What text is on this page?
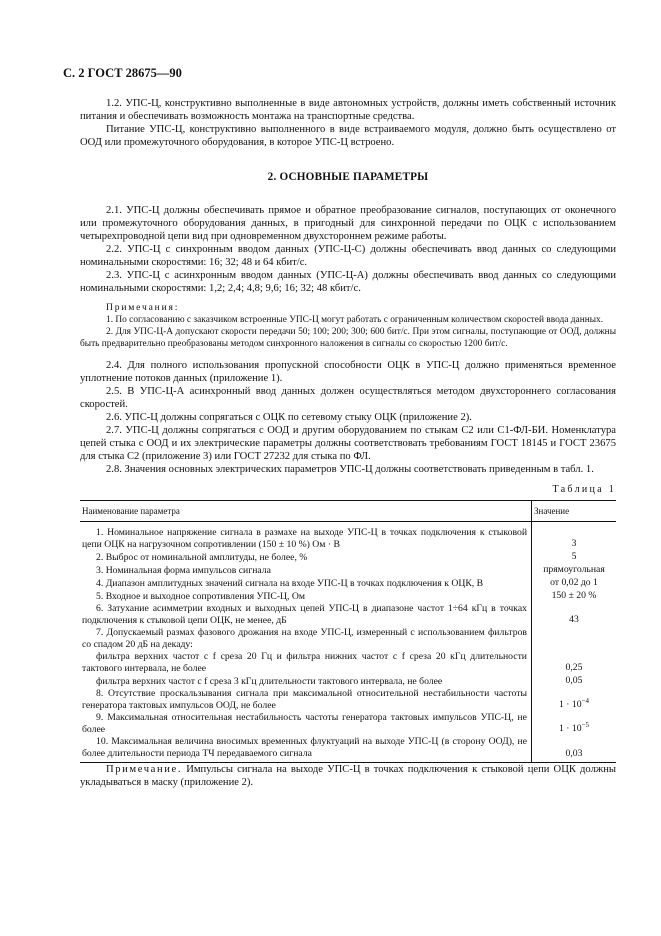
С. 2 ГОСТ 28675—90

1.2. УПС-Ц, конструктивно выполненные в виде автономных устройств, должны иметь собственный источник питания и обеспечивать возможность монтажа на транспортные средства.

Питание УПС-Ц, конструктивно выполненного в виде встраиваемого модуля, должно быть осуществлено от ООД или промежуточного оборудования, в которое УПС-Ц встроено.

2. ОСНОВНЫЕ ПАРАМЕТРЫ

2.1. УПС-Ц должны обеспечивать прямое и обратное преобразование сигналов, поступающих от оконечного или промежуточного оборудования данных, в пригодный для синхронной передачи по ОЦК с использованием четырехпроводной цепи вид при одновременном двухстороннем режиме работы.

2.2. УПС-Ц с синхронным вводом данных (УПС-Ц-С) должны обеспечивать ввод данных со следующими номинальными скоростями: 16; 32; 48 и 64 кбит/с.

2.3. УПС-Ц с асинхронным вводом данных (УПС-Ц-А) должны обеспечивать ввод данных со следующими номинальными скоростями: 1,2; 2,4; 4,8; 9,6; 16; 32; 48 кбит/с.

Примечания:

1. По согласованию с заказчиком встроенные УПС-Ц могут работать с ограниченным количеством скоростей ввода данных.

2. Для УПС-Ц-А допускают скорости передачи 50; 100; 200; 300; 600 бит/с. При этом сигналы, поступающие от ООД, должны быть предварительно преобразованы методом синхронного наложения в сигналы со скоростью 1200 бит/с.

2.4. Для полного использования пропускной способности ОЦК в УПС-Ц должно применяться временное уплотнение потоков данных (приложение 1).

2.5. В УПС-Ц-А асинхронный ввод данных должен осуществляться методом двухстороннего согласования скоростей.

2.6. УПС-Ц должны сопрягаться с ОЦК по сетевому стыку ОЦК (приложение 2).

2.7. УПС-Ц должны сопрягаться с ООД и другим оборудованием по стыкам С2 или С1-ФЛ-БИ. Номенклатура цепей стыка с ООД и их электрические параметры должны соответствовать требованиям ГОСТ 18145 и ГОСТ 23675 для стыка С2 (приложение 3) или ГОСТ 27232 для стыка по ФЛ.

2.8. Значения основных электрических параметров УПС-Ц должны соответствовать приведенным в табл. 1.

Таблица 1
Наименование параметра	Значение
1. Номинальное напряжение сигнала в размахе на выходе УПС-Ц в точках подключения к стыковой цепи ОЦК на нагрузочном сопротивлении (150 ± 10 %) Ом · В	3
2. Выброс от номинальной амплитуды, не более, %	5
3. Номинальная форма импульсов сигнала	прямоугольная
4. Диапазон амплитудных значений сигнала на входе УПС-Ц в точках подключения к ОЦК, В	от 0,02 до 1
5. Входное и выходное сопротивления УПС-Ц, Ом	150 ± 20 %
6. Затухание асимметрии входных и выходных цепей УПС-Ц в диапазоне частот 1÷64 кГц в точках подключения к стыковой цепи ОЦК, не менее, дБ	43
7. Допускаемый размах фазового дрожания на входе УПС-Ц, измеренный с использованием фильтров со спадом 20 дБ на декаду:	
фильтра верхних частот с f среза 20 Гц и фильтра нижних частот с f среза 20 кГц длительности тактового интервала, не более	0,25
фильтра верхних частот с f среза 3 кГц длительности тактового интервала, не более	0,05
8. Отсутствие проскальзывания сигнала при максимальной относительной нестабильности частоты генератора тактовых импульсов ООД, не более	$1 \cdot 10^{-4}$
9. Максимальная относительная нестабильность частоты генератора тактовых импульсов УПС-Ц, не более	$1 \cdot 10^{-5}$
10. Максимальная величина вносимых временных флуктуаций на выходе УПС-Ц (в сторону ООД), не более длительности периода ТЧ передаваемого сигнала	0,03

Примечание. Импульсы сигнала на выходе УПС-Ц в точках подключения к стыковой цепи ОЦК должны укладываться в маску (приложение 2).
